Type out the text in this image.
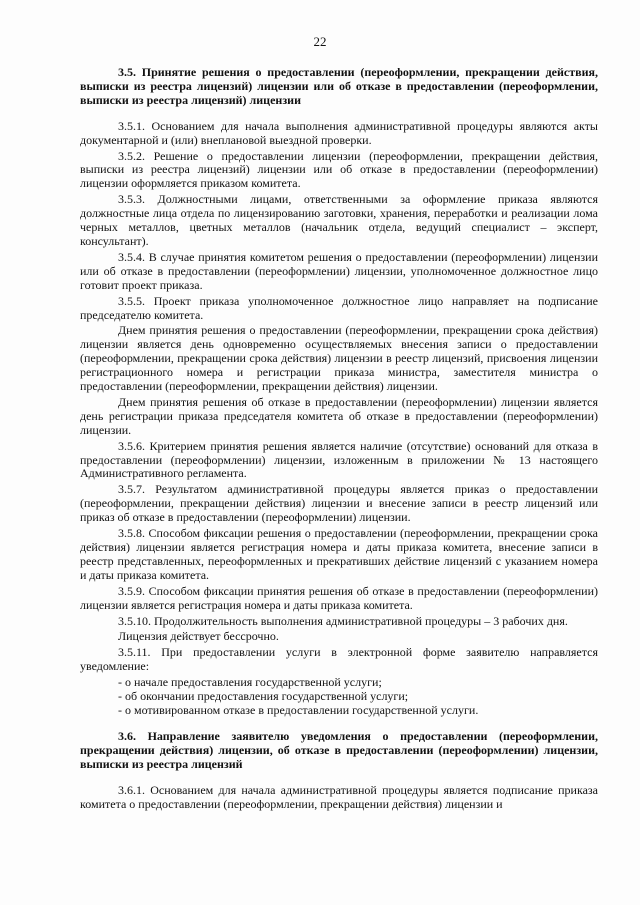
22
3.5. Принятие решения о предоставлении (переоформлении, прекращении действия, выписки из реестра лицензий) лицензии или об отказе в предоставлении (переоформлении, выписки из реестра лицензий) лицензии

3.5.1. Основанием для начала выполнения административной процедуры являются акты документарной и (или) внеплановой выездной проверки.

3.5.2. Решение о предоставлении лицензии (переоформлении, прекращении действия, выписки из реестра лицензий) лицензии или об отказе в предоставлении (переоформлении) лицензии оформляется приказом комитета.

3.5.3. Должностными лицами, ответственными за оформление приказа являются должностные лица отдела по лицензированию заготовки, хранения, переработки и реализации лома черных металлов, цветных металлов (начальник отдела, ведущий специалист – эксперт, консультант).

3.5.4. В случае принятия комитетом решения о предоставлении (переоформлении) лицензии или об отказе в предоставлении (переоформлении) лицензии, уполномоченное должностное лицо готовит проект приказа.

3.5.5. Проект приказа уполномоченное должностное лицо направляет на подписание председателю комитета.

Днем принятия решения о предоставлении (переоформлении, прекращении срока действия) лицензии является день одновременно осуществляемых внесения записи о предоставлении (переоформлении, прекращении срока действия) лицензии в реестр лицензий, присвоения лицензии регистрационного номера и регистрации приказа министра, заместителя министра о предоставлении (переоформлении, прекращении действия) лицензии.

Днем принятия решения об отказе в предоставлении (переоформлении) лицензии является день регистрации приказа председателя комитета об отказе в предоставлении (переоформлении) лицензии.

3.5.6. Критерием принятия решения является наличие (отсутствие) оснований для отказа в предоставлении (переоформлении) лицензии, изложенным в приложении № 13 настоящего Административного регламента.

3.5.7. Результатом административной процедуры является приказ о предоставлении (переоформлении, прекращении действия) лицензии и внесение записи в реестр лицензий или приказ об отказе в предоставлении (переоформлении) лицензии.

3.5.8. Способом фиксации решения о предоставлении (переоформлении, прекращении срока действия) лицензии является регистрация номера и даты приказа комитета, внесение записи в реестр представленных, переоформленных и прекративших действие лицензий с указанием номера и даты приказа комитета.

3.5.9. Способом фиксации принятия решения об отказе в предоставлении (переоформлении) лицензии является регистрация номера и даты приказа комитета.

3.5.10. Продолжительность выполнения административной процедуры – 3 рабочих дня.

Лицензия действует бессрочно.

3.5.11. При предоставлении услуги в электронной форме заявителю направляется уведомление:

- о начале предоставления государственной услуги;

- об окончании предоставления государственной услуги;

- о мотивированном отказе в предоставлении государственной услуги.

3.6. Направление заявителю уведомления о предоставлении (переоформлении, прекращении действия) лицензии, об отказе в предоставлении (переоформлении) лицензии, выписки из реестра лицензий

3.6.1. Основанием для начала административной процедуры является подписание приказа комитета о предоставлении (переоформлении, прекращении действия) лицензии и
